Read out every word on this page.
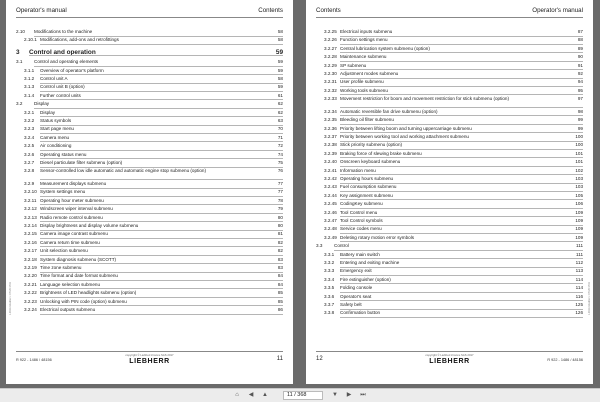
Operator's manual	Contents
2.10 Modifications to the machine	58
2.10.1 Modifications, add-ons and retrofittings	58
3 Control and operation	59
3.1	Control and operating elements	59
3.1.1 Overview of operator's platform	59
3.1.2 Control unit A	58
3.1.3 Control unit B (option)	59
3.1.4 Further control units	61
3.2	Display	62
3.2.1 Display	62
3.2.2 Status symbols	63
3.2.3 Start page menu	70
3.2.4 Camera menu	71
3.2.5 Air conditioning	72
3.2.6 Operating status menu	74
3.2.7 Diesel particulate filter submenu (option)	75
3.2.8 Sensor-controlled low idle automatic and automatic engine stop submenu (option)	76
3.2.9 Measurement displays submenu	77
3.2.10 System settings menu	77
3.2.11 Operating hour meter submenu	78
3.2.12 Windscreen wiper interval submenu	79
3.2.13 Radio remote control submenu	80
3.2.14 Display brightness and display volume submenu	80
3.2.15 Camera image contrast submenu	81
3.2.16 Camera return time submenu	82
3.2.17 Unit selection submenu	82
3.2.18 System diagnosis submenu (SCOTT)	83
3.2.19 Time zone submenu	83
3.2.20 Time format and date format submenu	84
3.2.21 Language selection submenu	84
3.2.22 Brightness of LED headlights submenu (option)	85
3.2.23 Unlocking with PIN code (option) submenu	85
3.2.24 Electrical outputs submenu	86
LFR/en/Edition: 07/2017/A
R 922 - 1486 / 48156
copyright © Liebherr-France SAS 2017
LIEBHERR	11
Contents	Operator's manual
3.2.25 Electrical inputs submenu	87
3.2.26 Function settings menu	88
3.2.27 Central lubrication system submenu (option)	89
3.2.28 Maintenance submenu	90
3.2.29 SP submenu	91
3.2.30 Adjustment modes submenu	92
3.2.31 User profile submenu	94
3.2.32 Working tools submenu	95
3.2.33 Movement restriction for boom and movement restriction for stick submenu (option)	97
3.2.34 Automatic reversible fan drive submenu (option)	98
3.2.35 Bleeding oil filter submenu	99
3.2.36 Priority between lifting boom and turning uppercarriage submenu	99
3.2.37 Priority between working tool and working attachment submenu	100
3.2.38 Stick priority submenu (option)	100
3.2.39 Braking force of slewing brake submenu	101
3.2.40 Onscreen keyboard submenu	101
3.2.41 Information menu	102
3.2.42 Operating hours submenu	103
3.2.43 Fuel consumption submenu	103
3.2.44 Key assignment submenu	105
3.2.45 CodingKey submenu	106
3.2.46 Tool Control menu	109
3.2.47 Tool Control symbols	109
3.2.48 Service codes menu	109
3.2.49 Deleting rotary motion error symbols	109
3.3	Control	111
3.3.1 Battery main switch	111
3.3.2 Entering and exiting machine	112
3.3.3 Emergency exit	113
3.3.4 Fire extinguisher (option)	114
3.3.5 Folding console	114
3.3.6 Operator's seat	116
3.3.7 Safety belt	125
3.3.8 Confirmation button	126 LFR/en/Edition: 07/2017/A
12
copyright © Liebherr-France SAS 2017
LIEBHERR	R 922 - 1486 / 48156
⌂	◀	▲	11 / 368	▼	▶	⏭
